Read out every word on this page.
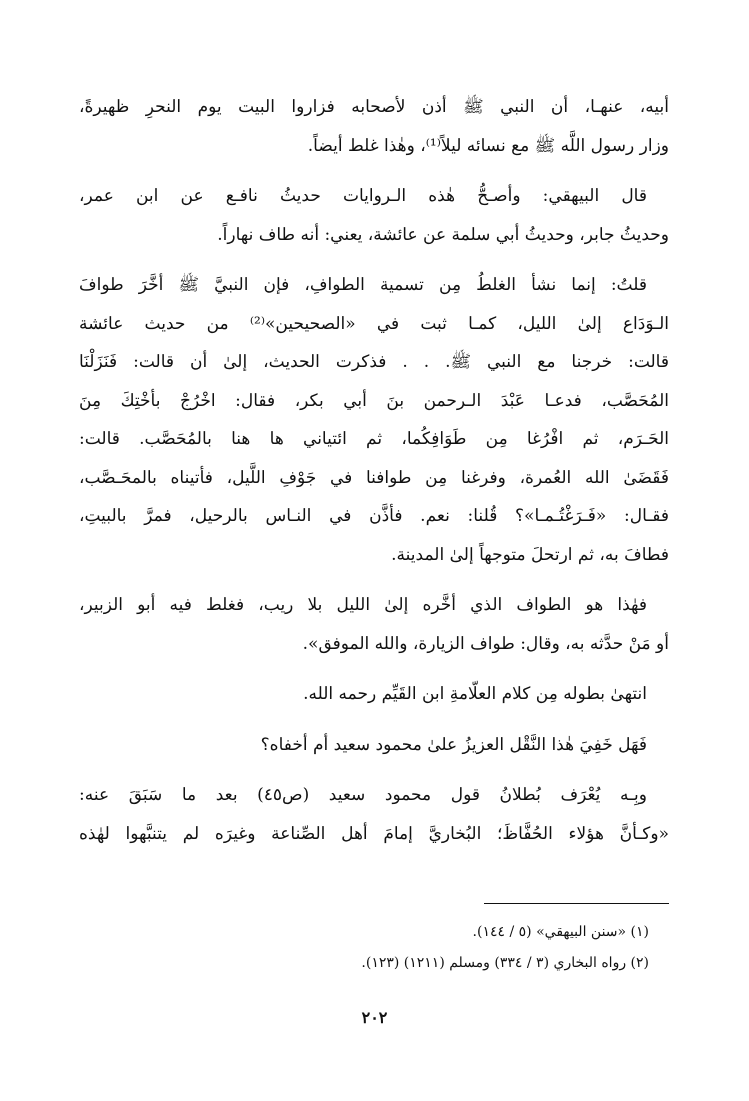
أبيه، عنهـا، أن النبي ﷺ أذن لأصحابه فزاروا البيت يوم النحرِ ظهيرةً،
وزار رسول اللَّه ﷺ مع نسائه ليلاً⁽¹⁾، وهٰذا غلط أيضاً.

قال البيهقي: وأصـحُّ هٰذه الـروايات حديثُ نافـع عن ابن عمر،
وحديثُ جابر، وحديثُ أبي سلمة عن عائشة، يعني: أنه طاف نهاراً.

قلتُ: إنما نشأ الغلطُ مِن تسمية الطوافِ، فإن النبيَّ ﷺ أخَّرَ طوافَ
الـوَدَاع إلىٰ الليل، كمـا ثبت في «الصحيحين»⁽²⁾ من حديث عائشة
قالت: خرجنا مع النبي ﷺ. . . فذكرت الحديث، إلىٰ أن قالت: فَنَزَلْنَا
المُحَصَّب، فدعـا عَبْدَ الـرحمن بنَ أبي بكر، فقال: اخْرُجْ بأخْتِكَ مِنَ
الحَـرَم، ثم افْرُغا مِن طَوَافِكُما، ثم ائتياني ها هنا بالمُحَصَّب. قالت:
فَقَضَىٰ الله العُمرة، وفرغنا مِن طوافنا في جَوْفِ اللَّيل، فأتيناه بالمحَـصَّب،
فقـال: «فَـرَغْتُـمـا»؟ قُلنا: نعم. فأذَّن في النـاس بالرحيل، فمرَّ بالبيتِ،
فطافَ به، ثم ارتحلَ متوجهاً إلىٰ المدينة.

فهٰذا هو الطواف الذي أخَّره إلىٰ الليل بلا ريب، فغلط فيه أبو الزبير،
أو مَنْ حدَّثه به، وقال: طواف الزيارة، والله الموفق».

انتهىٰ بطوله مِن كلام العلّامةِ ابن القَيِّم رحمه الله.

فَهَل خَفِيَ هٰذا النَّقْل العزيزُ علىٰ محمود سعيد أم أخفاه؟

وبِـه يُعْرَف بُطلانُ قول محمود سعيد (ص٤٥) بعد ما سَبَقَ عنه:
«وكـأنَّ هؤلاء الحُفَّاظَ؛ البُخاريَّ إمامَ أهل الصِّناعة وغيرَه لم يتنبَّهوا لهٰذه

(١) «سنن البيهقي» (٥ / ١٤٤).
(٢) رواه البخاري (٣ / ٣٣٤) ومسلم (١٢١١) (١٢٣).
٢٠٢
